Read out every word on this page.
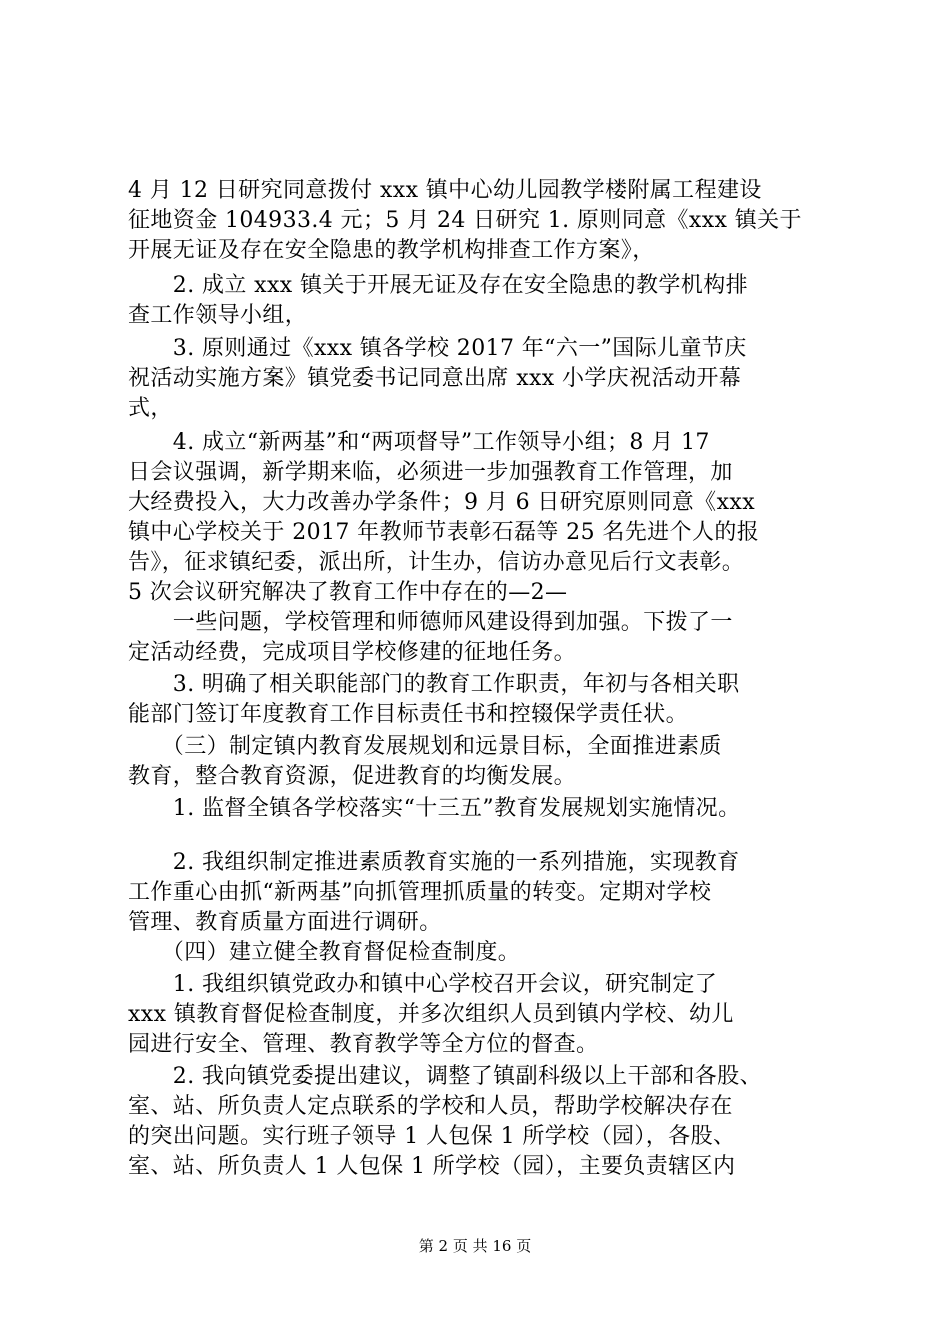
4 月 12 日研究同意拨付 xxx 镇中心幼儿园教学楼附属工程建设
征地资金 104933.4 元；5 月 24 日研究 1. 原则同意《xxx 镇关于
开展无证及存在安全隐患的教学机构排查工作方案》，
　　2. 成立 xxx 镇关于开展无证及存在安全隐患的教学机构排
查工作领导小组，
　　3. 原则通过《xxx 镇各学校 2017 年“六一”国际儿童节庆
祝活动实施方案》镇党委书记同意出席 xxx 小学庆祝活动开幕
式，
　　4. 成立“新两基”和“两项督导”工作领导小组；8 月 17
日会议强调，新学期来临，必须进一步加强教育工作管理，加
大经费投入，大力改善办学条件；9 月 6 日研究原则同意《xxx
镇中心学校关于 2017 年教师节表彰石磊等 25 名先进个人的报
告》，征求镇纪委，派出所，计生办，信访办意见后行文表彰。
5 次会议研究解决了教育工作中存在的—2—
　　一些问题，学校管理和师德师风建设得到加强。下拨了一
定活动经费，完成项目学校修建的征地任务。
　　3. 明确了相关职能部门的教育工作职责，年初与各相关职
能部门签订年度教育工作目标责任书和控辍保学责任状。
　　（三）制定镇内教育发展规划和远景目标，全面推进素质
教育，整合教育资源，促进教育的均衡发展。
　　1. 监督全镇各学校落实“十三五”教育发展规划实施情况。
　　2. 我组织制定推进素质教育实施的一系列措施，实现教育
工作重心由抓“新两基”向抓管理抓质量的转变。定期对学校
管理、教育质量方面进行调研。
　　（四）建立健全教育督促检查制度。
　　1. 我组织镇党政办和镇中心学校召开会议，研究制定了
xxx 镇教育督促检查制度，并多次组织人员到镇内学校、幼儿
园进行安全、管理、教育教学等全方位的督查。
　　2. 我向镇党委提出建议，调整了镇副科级以上干部和各股、
室、站、所负责人定点联系的学校和人员，帮助学校解决存在
的突出问题。实行班子领导 1 人包保 1 所学校（园），各股、
室、站、所负责人 1 人包保 1 所学校（园），主要负责辖区内
第 2 页 共 16 页
